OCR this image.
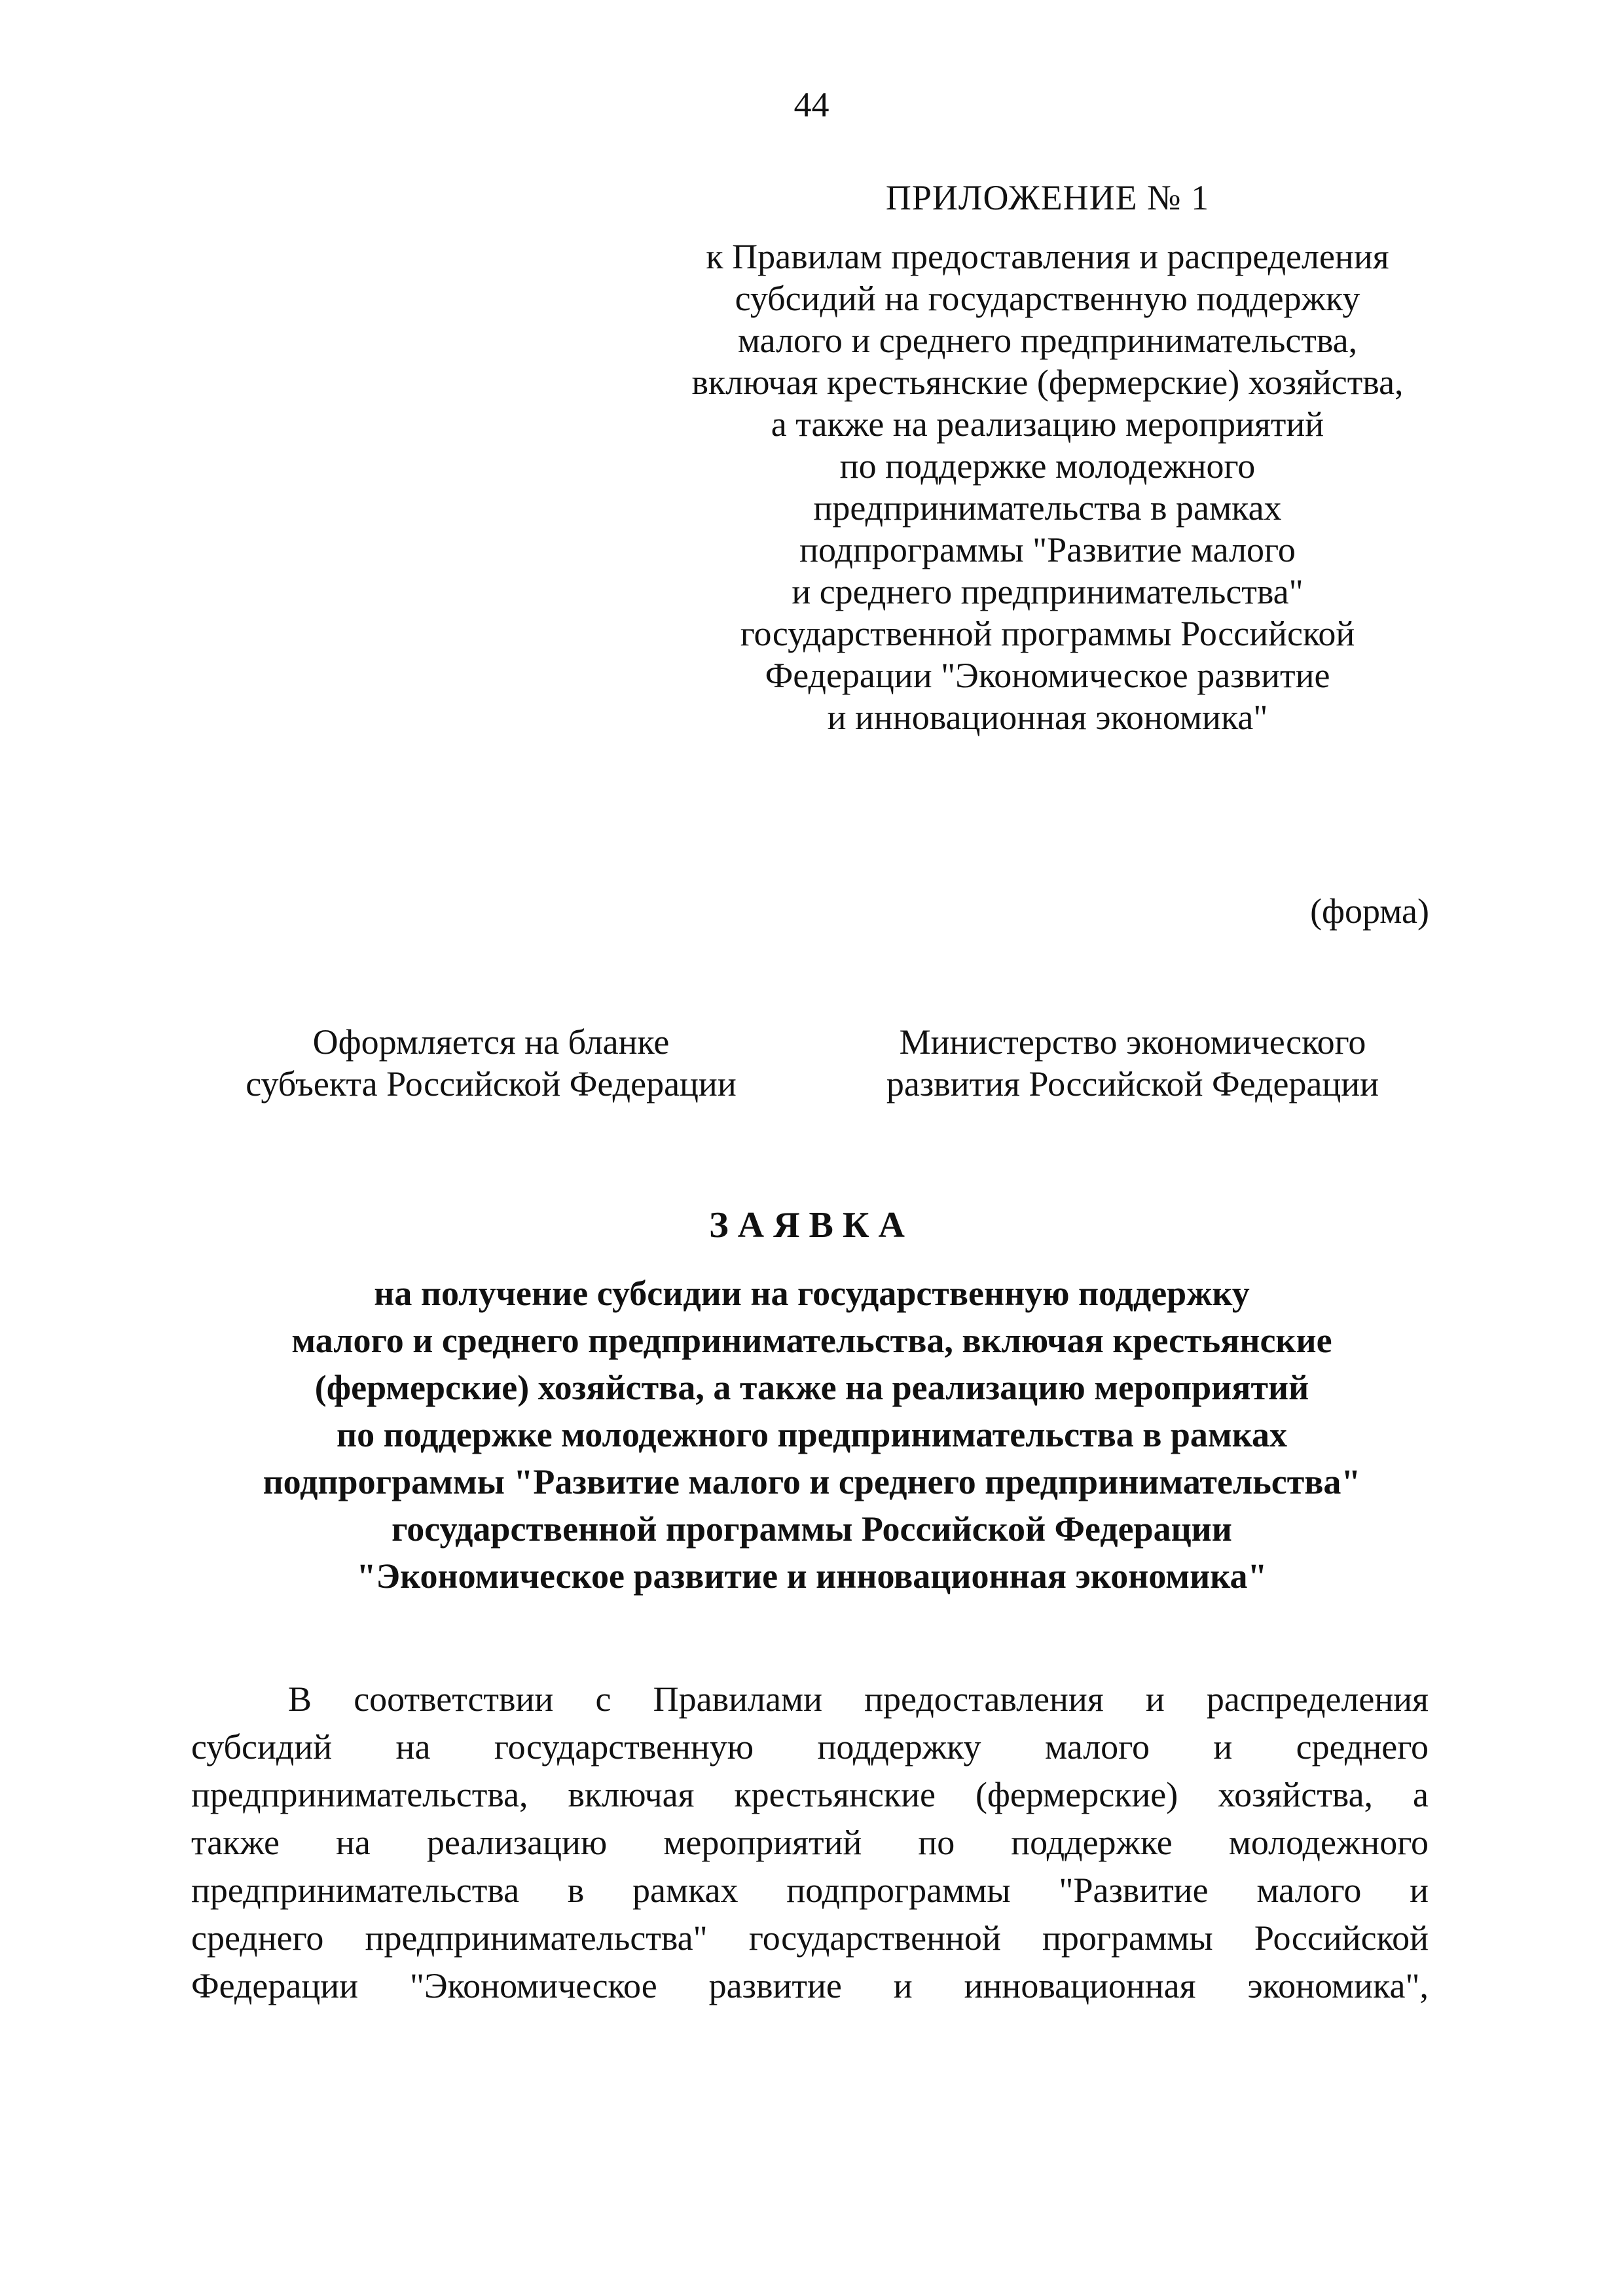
44
ПРИЛОЖЕНИЕ № 1
к Правилам предоставления и распределения
субсидий на государственную поддержку
малого и среднего предпринимательства,
включая крестьянские (фермерские) хозяйства,
а также на реализацию мероприятий
по поддержке молодежного
предпринимательства в рамках
подпрограммы "Развитие малого
и среднего предпринимательства"
государственной программы Российской
Федерации "Экономическое развитие
и инновационная экономика"
(форма)
Оформляется на бланке
субъекта Российской Федерации
Министерство экономического
развития Российской Федерации
ЗАЯВКА
на получение субсидии на государственную поддержку
малого и среднего предпринимательства, включая крестьянские
(фермерские) хозяйства, а также на реализацию мероприятий
по поддержке молодежного предпринимательства в рамках
подпрограммы "Развитие малого и среднего предпринимательства"
государственной программы Российской Федерации
"Экономическое развитие и инновационная экономика"
В соответствии с Правилами предоставления и распределения
субсидий на государственную поддержку малого и среднего
предпринимательства, включая крестьянские (фермерские) хозяйства, а
также на реализацию мероприятий по поддержке молодежного
предпринимательства в рамках подпрограммы "Развитие малого и
среднего предпринимательства" государственной программы Российской
Федерации "Экономическое развитие и инновационная экономика",
